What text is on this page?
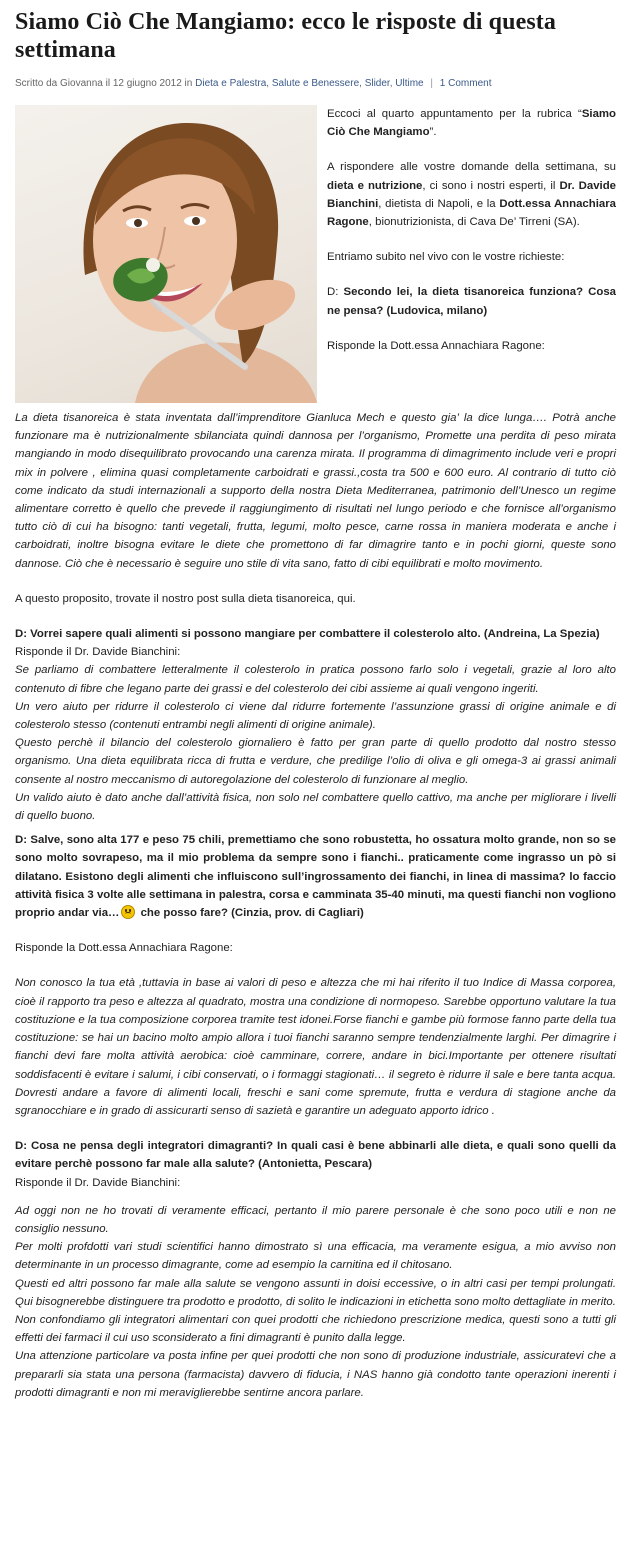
Siamo Ciò Che Mangiamo: ecco le risposte di questa settimana
Scritto da Giovanna il 12 giugno 2012 in Dieta e Palestra, Salute e Benessere, Slider, Ultime | 1 Comment

Eccoci al quarto appuntamento per la rubrica “Siamo Ciò Che Mangiamo”.

A rispondere alle vostre domande della settimana, su dieta e nutrizione, ci sono i nostri esperti, il Dr. Davide Bianchini, dietista di Napoli, e la Dott.essa Annachiara Ragone, bionutrizionista, di Cava De’ Tirreni (SA).

Entriamo subito nel vivo con le vostre richieste:

D: Secondo lei, la dieta tisanoreica funziona? Cosa ne pensa? (Ludovica, milano)

Risponde la Dott.essa Annachiara Ragone:

La dieta tisanoreica è stata inventata dall’imprenditore Gianluca Mech e questo gia’ la dice lunga…. Potrà anche funzionare ma è nutrizionalmente sbilanciata quindi dannosa per l’organismo, Promette una perdita di peso mirata mangiando in modo disequilibrato provocando una carenza mirata. Il programma di dimagrimento include veri e propri mix in polvere , elimina quasi completamente carboidrati e grassi.,costa tra 500 e 600 euro. Al contrario di tutto ciò come indicato da studi internazionali a supporto della nostra Dieta Mediterranea, patrimonio dell’Unesco un regime alimentare corretto è quello che prevede il raggiungimento di risultati nel lungo periodo e che fornisce all’organismo tutto ciò di cui ha bisogno: tanti vegetali, frutta, legumi, molto pesce, carne rossa in maniera moderata e anche i carboidrati, inoltre bisogna evitare le diete che promettono di far dimagrire tanto e in pochi giorni, queste sono dannose. Ciò che è necessario è seguire uno stile di vita sano, fatto di cibi equilibrati e molto movimento.

A questo proposito, trovate il nostro post sulla dieta tisanoreica, qui.

D: Vorrei sapere quali alimenti si possono mangiare per combattere il colesterolo alto. (Andreina, La Spezia)
Risponde il Dr. Davide Bianchini:
Se parliamo di combattere letteralmente il colesterolo in pratica possono farlo solo i vegetali, grazie al loro alto contenuto di fibre che legano parte dei grassi e del colesterolo dei cibi assieme ai quali vengono ingeriti.
Un vero aiuto per ridurre il colesterolo ci viene dal ridurre fortemente l’assunzione grassi di origine animale e di colesterolo stesso (contenuti entrambi negli alimenti di origine animale).
Questo perchè il bilancio del colesterolo giornaliero è fatto per gran parte di quello prodotto dal nostro stesso organismo. Una dieta equilibrata ricca di frutta e verdure, che predilige l’olio di oliva e gli omega-3 ai grassi animali consente al nostro meccanismo di autoregolazione del colesterolo di funzionare al meglio.
Un valido aiuto è dato anche dall’attività fisica, non solo nel combattere quello cattivo, ma anche per migliorare i livelli di quello buono.

D: Salve, sono alta 177 e peso 75 chili, premettiamo che sono robustetta, ho ossatura molto grande, non so se sono molto sovrapeso, ma il mio problema da sempre sono i fianchi.. praticamente come ingrasso un pò si dilatano. Esistono degli alimenti che influiscono sull’ingrossamento dei fianchi, in linea di massima? lo faccio attività fisica 3 volte alle settimana in palestra, corsa e camminata 35-40 minuti, ma questi fianchi non vogliono proprio andar via…
che posso fare? (Cinzia, prov. di Cagliari)

Risponde la Dott.essa Annachiara Ragone:

Non conosco la tua età ,tuttavia in base ai valori di peso e altezza che mi hai riferito il tuo Indice di Massa corporea, cioè il rapporto tra peso e altezza al quadrato, mostra una condizione di normopeso. Sarebbe opportuno valutare la tua costituzione e la tua composizione corporea tramite test idonei.Forse fianchi e gambe più formose fanno parte della tua costituzione: se hai un bacino molto ampio allora i tuoi fianchi saranno sempre tendenzialmente larghi. Per dimagrire i fianchi devi fare molta attività aerobica: cioè camminare, correre, andare in bici.Importante per ottenere risultati soddisfacenti è evitare i salumi, i cibi conservati, o i formaggi stagionati… il segreto è ridurre il sale e bere tanta acqua. Dovresti andare a favore di alimenti locali, freschi e sani come spremute, frutta e verdura di stagione anche da sgranocchiare e in grado di assicurarti senso di sazietà e garantire un adeguato apporto idrico .

D: Cosa ne pensa degli integratori dimagranti? In quali casi è bene abbinarli alle dieta, e quali sono quelli da evitare perchè possono far male alla salute? (Antonietta, Pescara)
Risponde il Dr. Davide Bianchini:

Ad oggi non ne ho trovati di veramente efficaci, pertanto il mio parere personale è che sono poco utili e non ne consiglio nessuno.
Per molti profdotti vari studi scientifici hanno dimostrato sì una efficacia, ma veramente esigua, a mio avviso non determinante in un processo dimagrante, come ad esempio la carnitina ed il chitosano.
Questi ed altri possono far male alla salute se vengono assunti in doisi eccessive, o in altri casi per tempi prolungati. Qui bisognerebbe distinguere tra prodotto e prodotto, di solito le indicazioni in etichetta sono molto dettagliate in merito.
Non confondiamo gli integratori alimentari con quei prodotti che richiedono prescrizione medica, questi sono a tutti gli effetti dei farmaci il cui uso sconsiderato a fini dimagranti è punito dalla legge.
Una attenzione particolare va posta infine per quei prodotti che non sono di produzione industriale, assicuratevi che a prepararli sia stata una persona (farmacista) davvero di fiducia, i NAS hanno già condotto tante operazioni inerenti i prodotti dimagranti e non mi meraviglierebbe sentirne ancora parlare.
